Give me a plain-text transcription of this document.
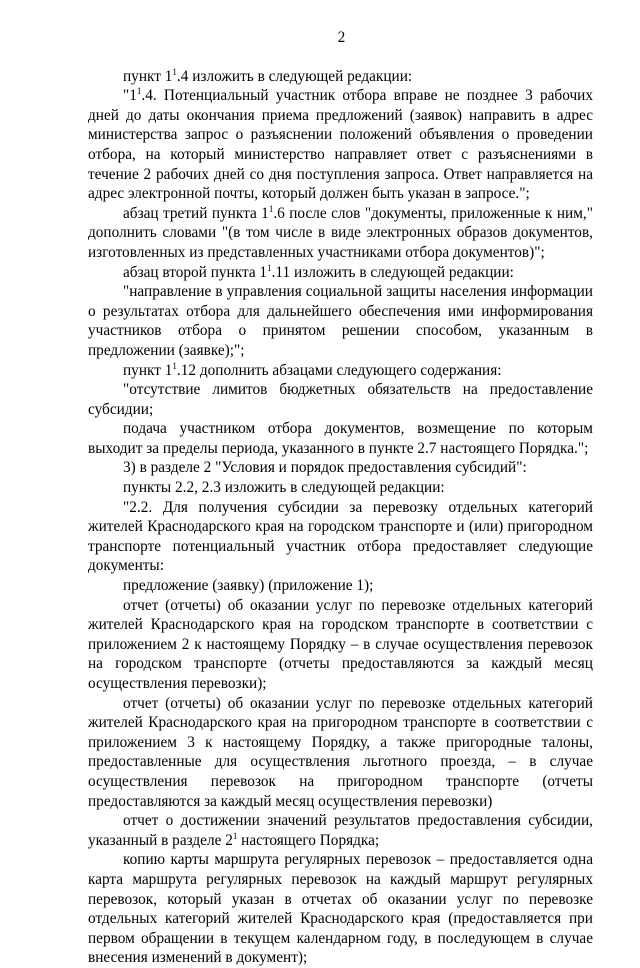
2

пункт $1^1.4$ изложить в следующей редакции:

"$1^1.4$. Потенциальный участник отбора вправе не позднее 3 рабочих дней до даты окончания приема предложений (заявок) направить в адрес министерства запрос о разъяснении положений объявления о проведении отбора, на который министерство направляет ответ с разъяснениями в течение 2 рабочих дней со дня поступления запроса. Ответ направляется на адрес электронной почты, который должен быть указан в запросе.";

абзац третий пункта $1^1.6$ после слов "документы, приложенные к ним," дополнить словами "(в том числе в виде электронных образов документов, изготовленных из представленных участниками отбора документов)";

абзац второй пункта $1^1.11$ изложить в следующей редакции:

"направление в управления социальной защиты населения информации о результатах отбора для дальнейшего обеспечения ими информирования участников отбора о принятом решении способом, указанным в предложении (заявке);";

пункт $1^1.12$ дополнить абзацами следующего содержания:

"отсутствие лимитов бюджетных обязательств на предоставление субсидии;

подача участником отбора документов, возмещение по которым выходит за пределы периода, указанного в пункте 2.7 настоящего Порядка.";

3) в разделе 2 "Условия и порядок предоставления субсидий":

пункты 2.2, 2.3 изложить в следующей редакции:

"2.2. Для получения субсидии за перевозку отдельных категорий жителей Краснодарского края на городском транспорте и (или) пригородном транспорте потенциальный участник отбора предоставляет следующие документы:

предложение (заявку) (приложение 1);

отчет (отчеты) об оказании услуг по перевозке отдельных категорий жителей Краснодарского края на городском транспорте в соответствии с приложением 2 к настоящему Порядку – в случае осуществления перевозок на городском транспорте (отчеты предоставляются за каждый месяц осуществления перевозки);

отчет (отчеты) об оказании услуг по перевозке отдельных категорий жителей Краснодарского края на пригородном транспорте в соответствии с приложением 3 к настоящему Порядку, а также пригородные талоны, предоставленные для осуществления льготного проезда, – в случае осуществления перевозок на пригородном транспорте (отчеты предоставляются за каждый месяц осуществления перевозки)

отчет о достижении значений результатов предоставления субсидии, указанный в разделе $2^1$ настоящего Порядка;

копию карты маршрута регулярных перевозок – предоставляется одна карта маршрута регулярных перевозок на каждый маршрут регулярных перевозок, который указан в отчетах об оказании услуг по перевозке отдельных категорий жителей Краснодарского края (предоставляется при первом обращении в текущем календарном году, в последующем в случае внесения изменений в документ);
